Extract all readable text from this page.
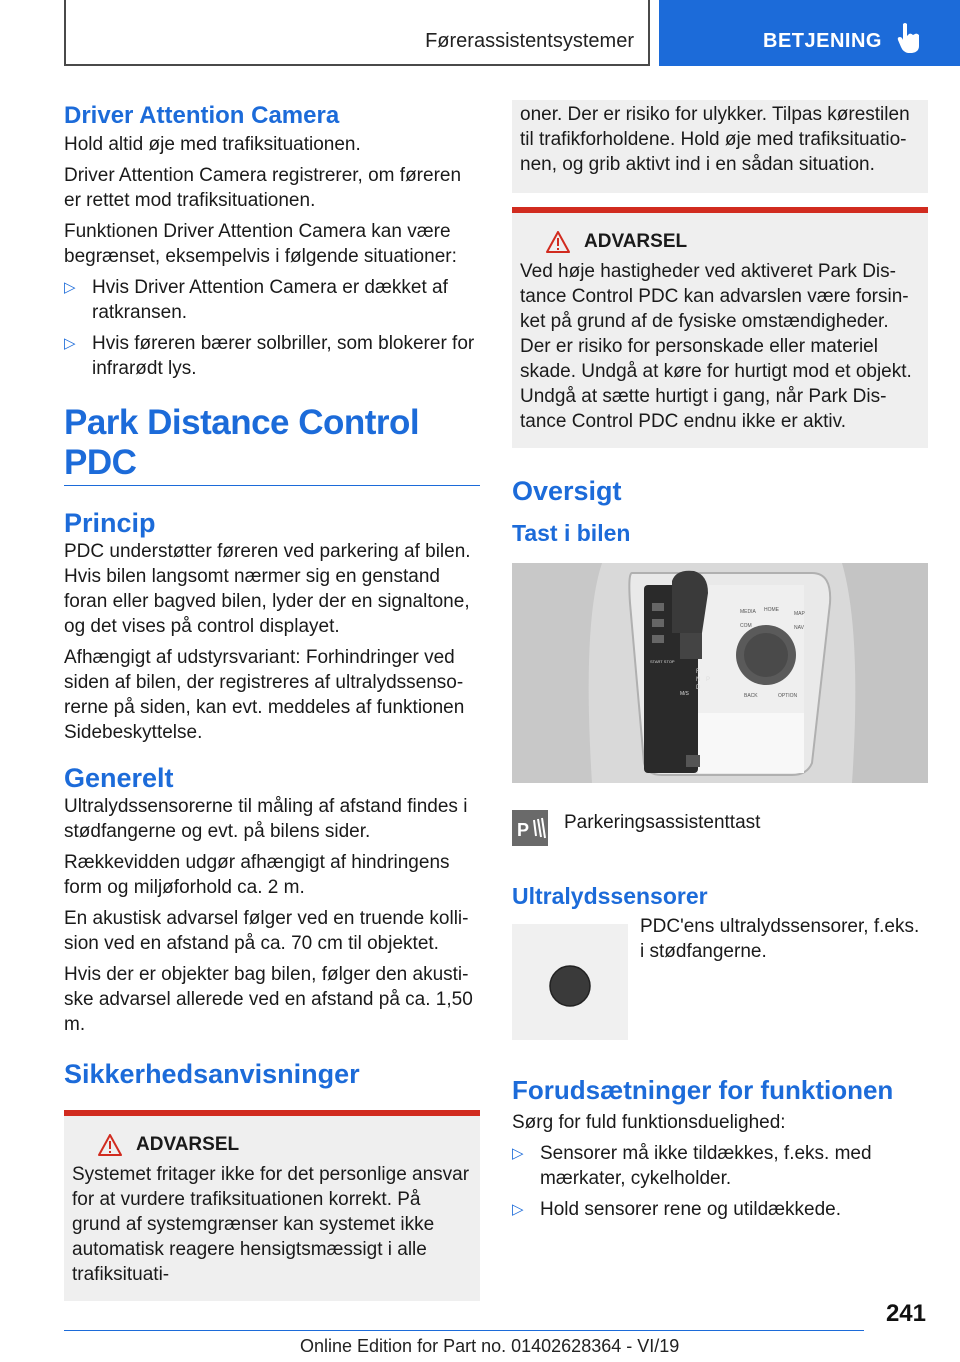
Førerassistentsystemer	BETJENING
Driver Attention Camera
Hold altid øje med trafiksituationen.
Driver Attention Camera registrerer, om føreren er rettet mod trafiksituationen.
Funktionen Driver Attention Camera kan være begrænset, eksempelvis i følgende situationer:
▷ Hvis Driver Attention Camera er dækket af ratkransen.
▷ Hvis føreren bærer solbriller, som blokerer for infrarødt lys.
Park Distance Control PDC
Princip
PDC understøtter føreren ved parkering af bilen. Hvis bilen langsomt nærmer sig en genstand foran eller bagved bilen, lyder der en signaltone, og det vises på control displayet.
Afhængigt af udstyrsvariant: Forhindringer ved siden af bilen, der registreres af ultralydssensorerne på siden, kan evt. meddeles af funktionen Sidebeskyttelse.
Generelt
Ultralydssensorerne til måling af afstand findes i stødfangerne og evt. på bilens sider.
Rækkevidden udgør afhængigt af hindringens form og miljøforhold ca. 2 m.
En akustisk advarsel følger ved en truende kollision ved en afstand på ca. 70 cm til objektet.
Hvis der er objekter bag bilen, følger den akustiske advarsel allerede ved en afstand på ca. 1,50 m.
Sikkerhedsanvisninger
ADVARSEL
Systemet fritager ikke for det personlige ansvar for at vurdere trafiksituationen korrekt. På grund af systemgrænser kan systemet ikke automatisk reagere hensigtsmæssigt i alle trafiksituati-
oner. Der er risiko for ulykker. Tilpas kørestilen til trafikforholdene. Hold øje med trafiksituationen, og grib aktivt ind i en sådan situation.
ADVARSEL
Ved høje hastigheder ved aktiveret Park Distance Control PDC kan advarslen være forsinket på grund af de fysiske omstændigheder. Der er risiko for personskade eller materiel skade. Undgå at køre for hurtigt mod et objekt. Undgå at sætte hurtigt i gang, når Park Distance Control PDC endnu ikke er aktiv.
Oversigt
Tast i bilen
MEDIA HOME
MAP
COM	NAV
BACK	OPTION
START STOP
R
N
D
P
M/S
P Parkeringsassistenttast
Ultralydssensorer
PDC'ens ultralydssensorer, f.eks. i stødfangerne.
Forudsætninger for funktionen
Sørg for fuld funktionsduelighed:
▷ Sensorer må ikke tildækkes, f.eks. med mærkater, cykelholder.
▷ Hold sensorer rene og utildækkede.
241
Online Edition for Part no. 01402628364 - VI/19
